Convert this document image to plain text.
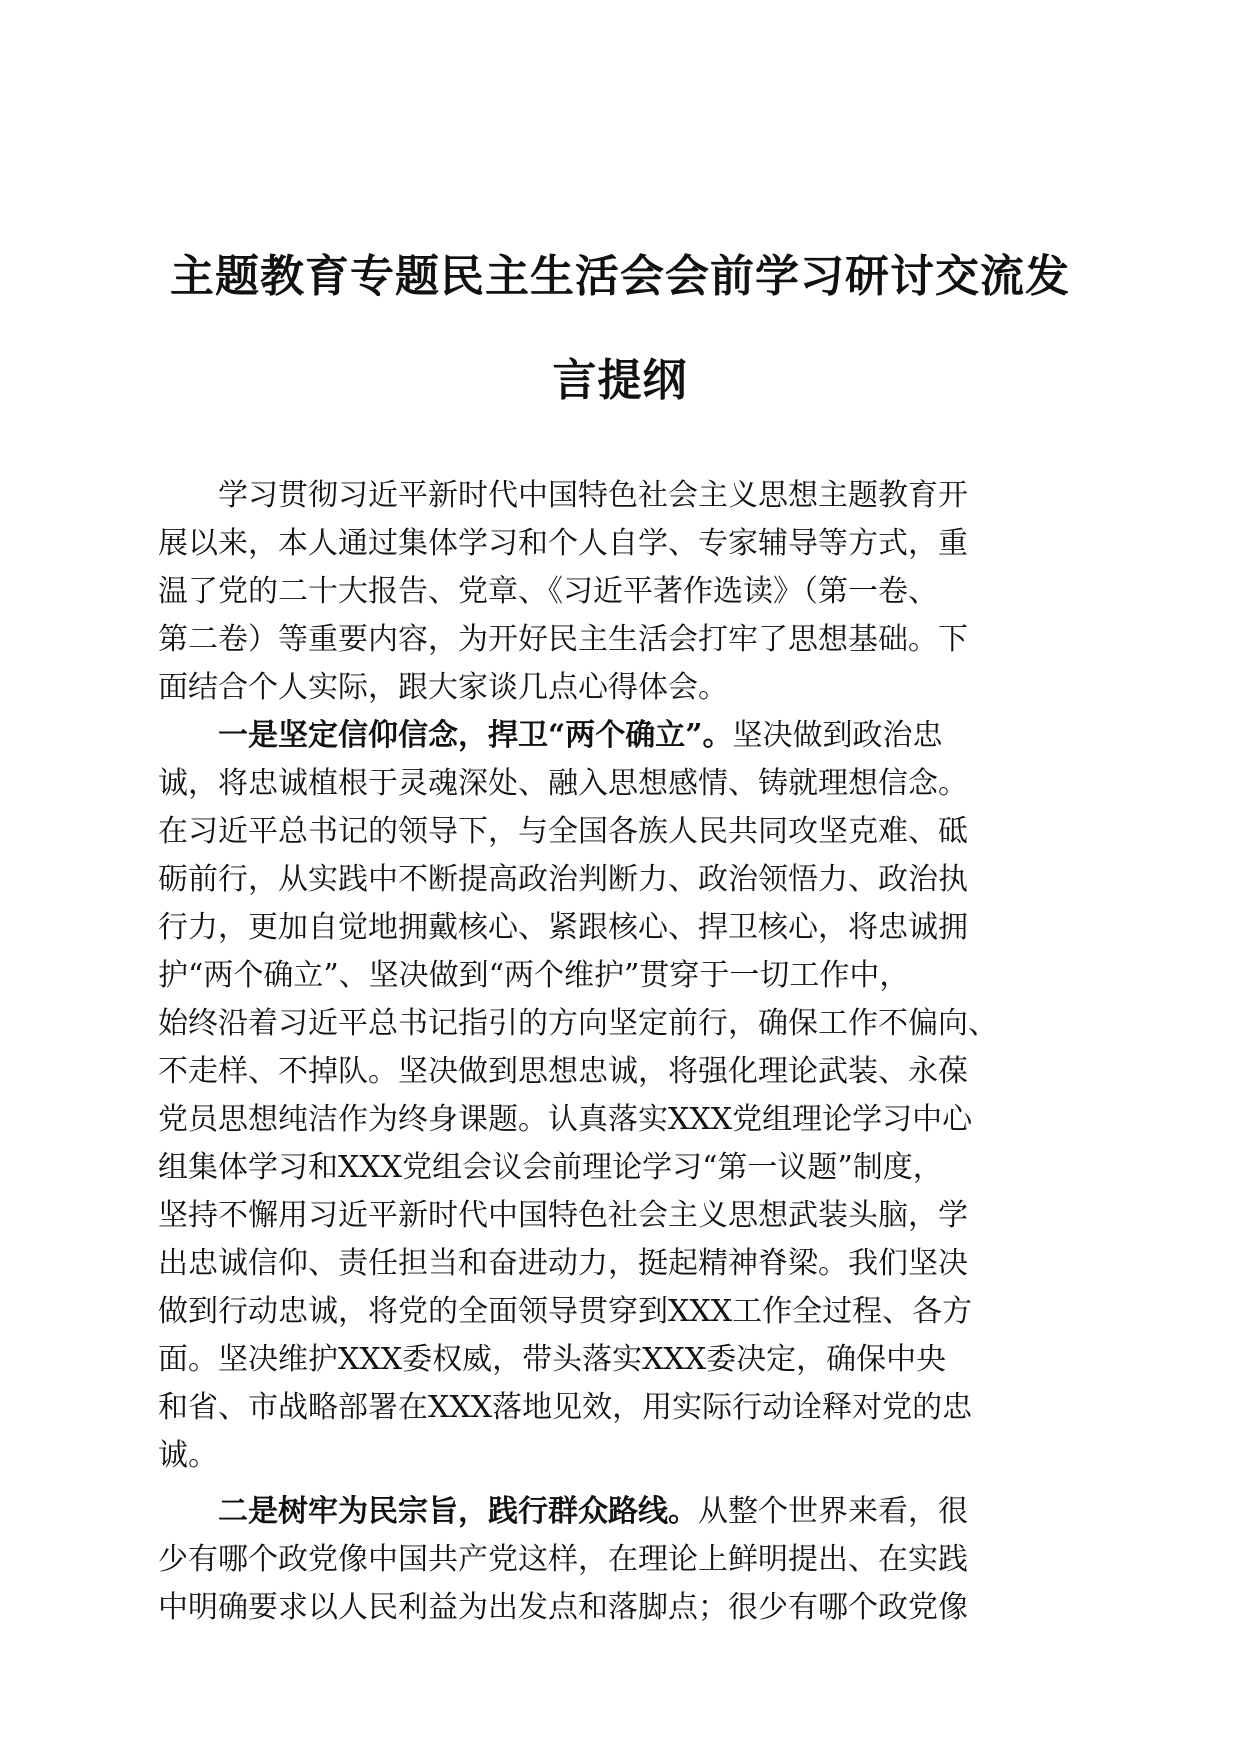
主题教育专题民主生活会会前学习研讨交流发
言提纲
学习贯彻习近平新时代中国特色社会主义思想主题教育开
展以来，本人通过集体学习和个人自学、专家辅导等方式，重
温了党的二十大报告、党章、《习近平著作选读》（第一卷、
第二卷）等重要内容，为开好民主生活会打牢了思想基础。下
面结合个人实际，跟大家谈几点心得体会。
一是坚定信仰信念，捍卫“两个确立”。坚决做到政治忠
诚，将忠诚植根于灵魂深处、融入思想感情、铸就理想信念。
在习近平总书记的领导下，与全国各族人民共同攻坚克难、砥
砺前行，从实践中不断提高政治判断力、政治领悟力、政治执
行力，更加自觉地拥戴核心、紧跟核心、捍卫核心，将忠诚拥
护“两个确立”、坚决做到“两个维护”贯穿于一切工作中，
始终沿着习近平总书记指引的方向坚定前行，确保工作不偏向、
不走样、不掉队。坚决做到思想忠诚，将强化理论武装、永葆
党员思想纯洁作为终身课题。认真落实XXX党组理论学习中心
组集体学习和XXX党组会议会前理论学习“第一议题”制度，
坚持不懈用习近平新时代中国特色社会主义思想武装头脑，学
出忠诚信仰、责任担当和奋进动力，挺起精神脊梁。我们坚决
做到行动忠诚，将党的全面领导贯穿到XXX工作全过程、各方
面。坚决维护XXX委权威，带头落实XXX委决定，确保中央
和省、市战略部署在XXX落地见效，用实际行动诠释对党的忠
诚。
二是树牢为民宗旨，践行群众路线。从整个世界来看，很
少有哪个政党像中国共产党这样，在理论上鲜明提出、在实践
中明确要求以人民利益为出发点和落脚点；很少有哪个政党像
